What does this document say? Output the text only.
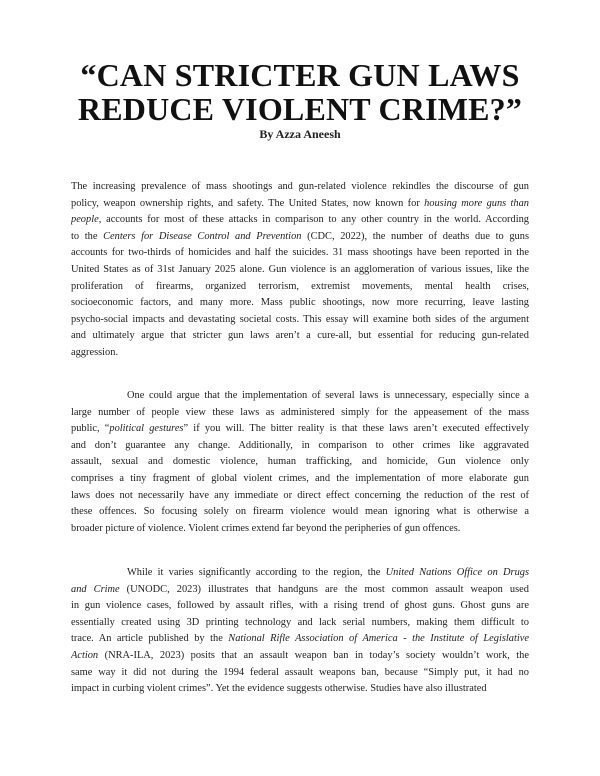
“CAN STRICTER GUN LAWS
REDUCE VIOLENT CRIME?”
By Azza Aneesh
The increasing prevalence of mass shootings and gun-related violence rekindles the discourse of gun
policy, weapon ownership rights, and safety. The United States, now known for housing more guns than
people, accounts for most of these attacks in comparison to any other country in the world. According
to the Centers for Disease Control and Prevention (CDC, 2022), the number of deaths due to guns
accounts for two-thirds of homicides and half the suicides. 31 mass shootings have been reported in the
United States as of 31st January 2025 alone. Gun violence is an agglomeration of various issues, like the
proliferation of firearms, organized terrorism, extremist movements, mental health crises,
socioeconomic factors, and many more. Mass public shootings, now more recurring, leave lasting
psycho-social impacts and devastating societal costs. This essay will examine both sides of the argument
and ultimately argue that stricter gun laws aren’t a cure-all, but essential for reducing gun-related
aggression.
One could argue that the implementation of several laws is unnecessary, especially since a
large number of people view these laws as administered simply for the appeasement of the mass
public, “political gestures” if you will. The bitter reality is that these laws aren’t executed effectively
and don’t guarantee any change. Additionally, in comparison to other crimes like aggravated
assault, sexual and domestic violence, human trafficking, and homicide, Gun violence only
comprises a tiny fragment of global violent crimes, and the implementation of more elaborate gun
laws does not necessarily have any immediate or direct effect concerning the reduction of the rest of
these offences. So focusing solely on firearm violence would mean ignoring what is otherwise a
broader picture of violence. Violent crimes extend far beyond the peripheries of gun offences.
While it varies significantly according to the region, the United Nations Office on Drugs
and Crime (UNODC, 2023) illustrates that handguns are the most common assault weapon used
in gun violence cases, followed by assault rifles, with a rising trend of ghost guns. Ghost guns are
essentially created using 3D printing technology and lack serial numbers, making them difficult to
trace. An article published by the National Rifle Association of America - the Institute of Legislative
Action (NRA-ILA, 2023) posits that an assault weapon ban in today’s society wouldn’t work, the
same way it did not during the 1994 federal assault weapons ban, because “Simply put, it had no
impact in curbing violent crimes”. Yet the evidence suggests otherwise. Studies have also illustrated
